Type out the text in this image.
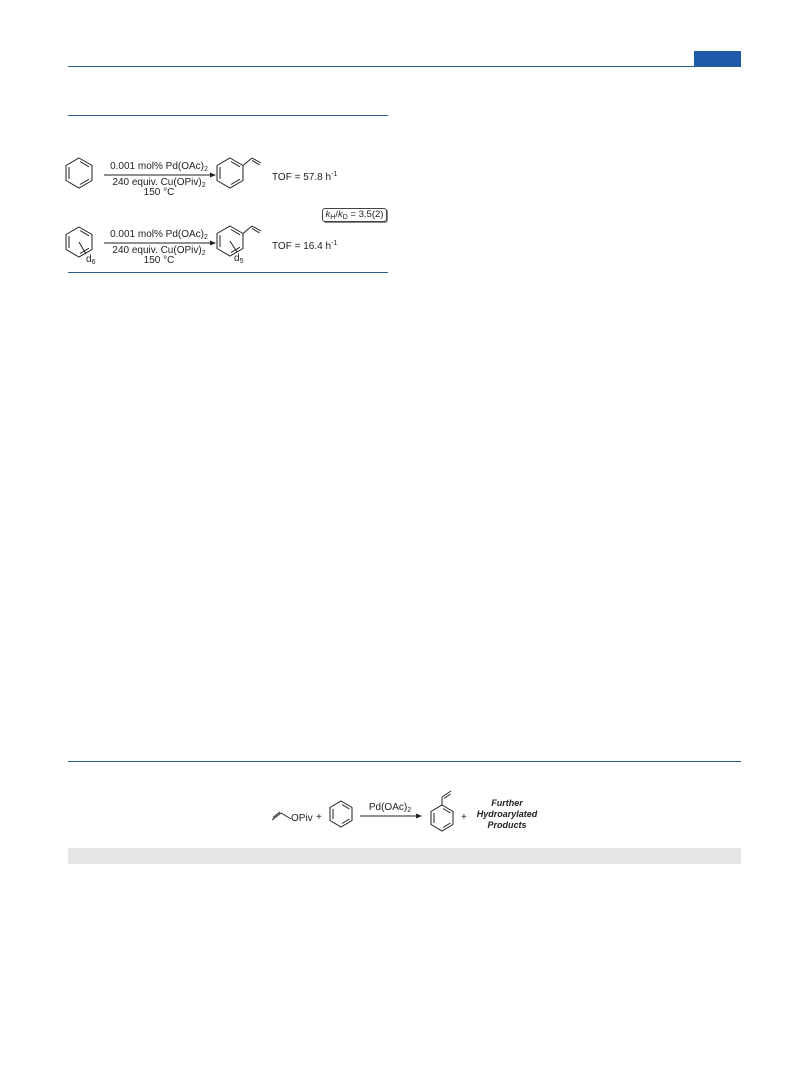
0.001 mol% $Pd(OAc)_2$
240 equiv. $Cu(OPiv)_2$
150 °C
TOF = 57.8 $h^{-1}$
$k_H/k_D = 3.5(2)$
$d_6$
0.001 mol% $Pd(OAc)_2$
240 equiv. $Cu(OPiv)_2$
150 °C	$d_5$
TOF = 16.4 $h^{-1}$
OPiv +
$Pd(OAc)_2$
+
Further
Hydroarylated
Products
